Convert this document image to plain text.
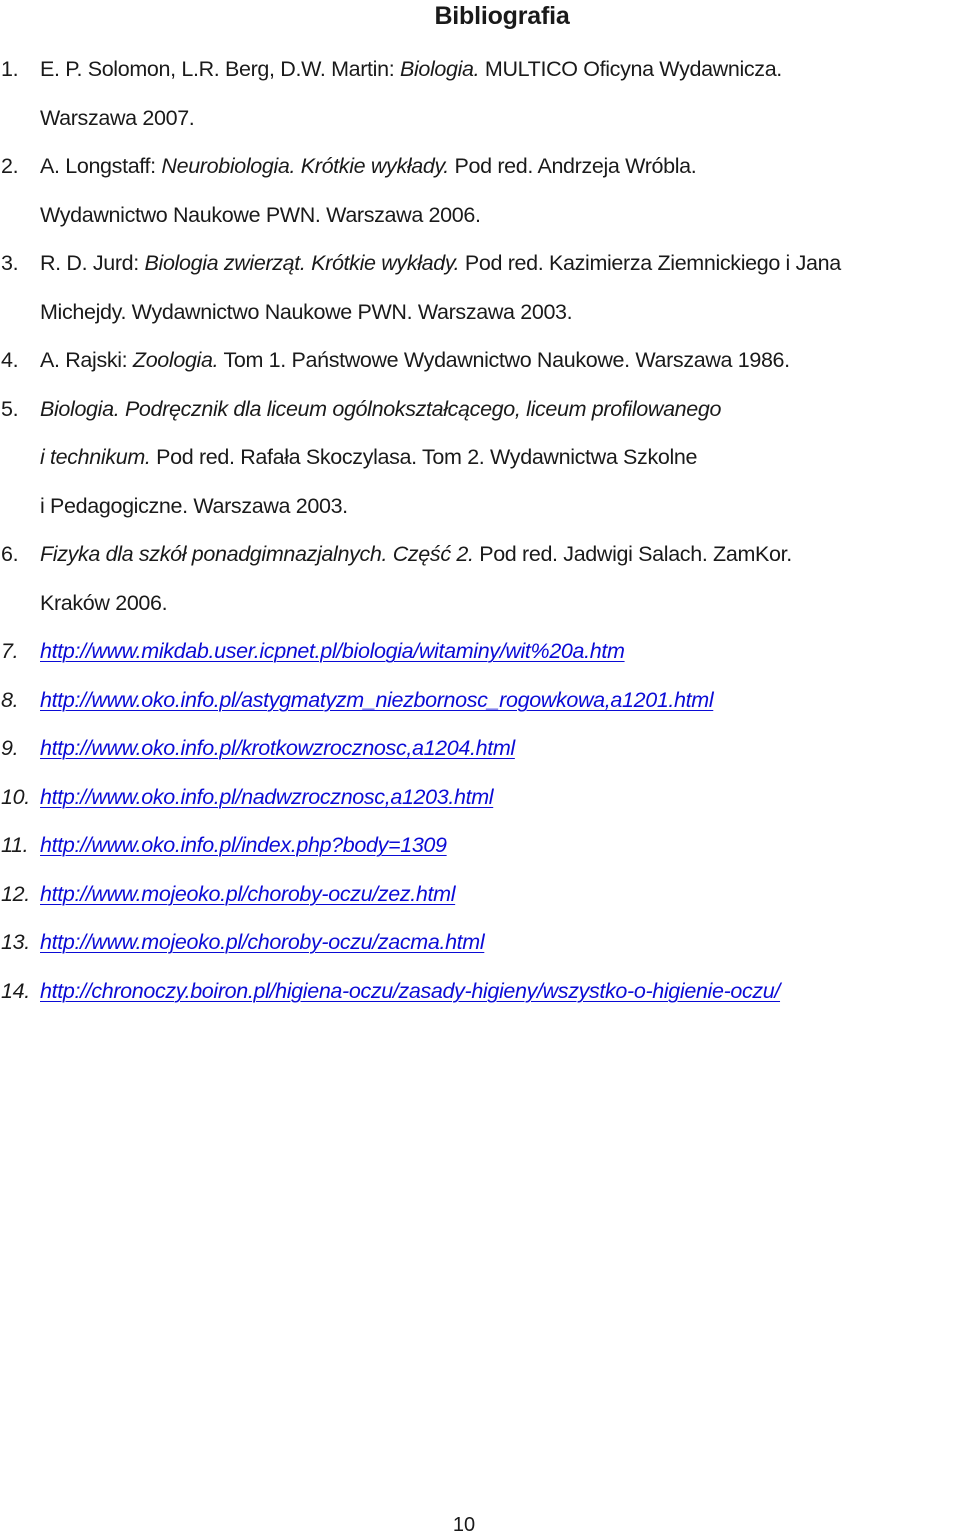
Bibliografia
1. E. P. Solomon, L.R. Berg, D.W. Martin: Biologia. MULTICO Oficyna Wydawnicza.
Warszawa 2007.
2. A. Longstaff: Neurobiologia. Krótkie wykłady. Pod red. Andrzeja Wróbla.
Wydawnictwo Naukowe PWN. Warszawa 2006.
3. R. D. Jurd: Biologia zwierząt. Krótkie wykłady. Pod red. Kazimierza Ziemnickiego i Jana
Michejdy. Wydawnictwo Naukowe PWN. Warszawa 2003.
4. A. Rajski: Zoologia. Tom 1. Państwowe Wydawnictwo Naukowe. Warszawa 1986.
5. Biologia. Podręcznik dla liceum ogólnokształcącego, liceum profilowanego
i technikum. Pod red. Rafała Skoczylasa. Tom 2. Wydawnictwa Szkolne
i Pedagogiczne. Warszawa 2003.
6. Fizyka dla szkół ponadgimnazjalnych. Część 2. Pod red. Jadwigi Salach. ZamKor.
Kraków 2006.
7. http://www.mikdab.user.icpnet.pl/biologia/witaminy/wit%20a.htm
8. http://www.oko.info.pl/astygmatyzm_niezbornosc_rogowkowa,a1201.html
9. http://www.oko.info.pl/krotkowzrocznosc,a1204.html
10. http://www.oko.info.pl/nadwzrocznosc,a1203.html
11. http://www.oko.info.pl/index.php?body=1309
12. http://www.mojeoko.pl/choroby-oczu/zez.html
13. http://www.mojeoko.pl/choroby-oczu/zacma.html
14. http://chronoczy.boiron.pl/higiena-oczu/zasady-higieny/wszystko-o-higienie-oczu/
10
